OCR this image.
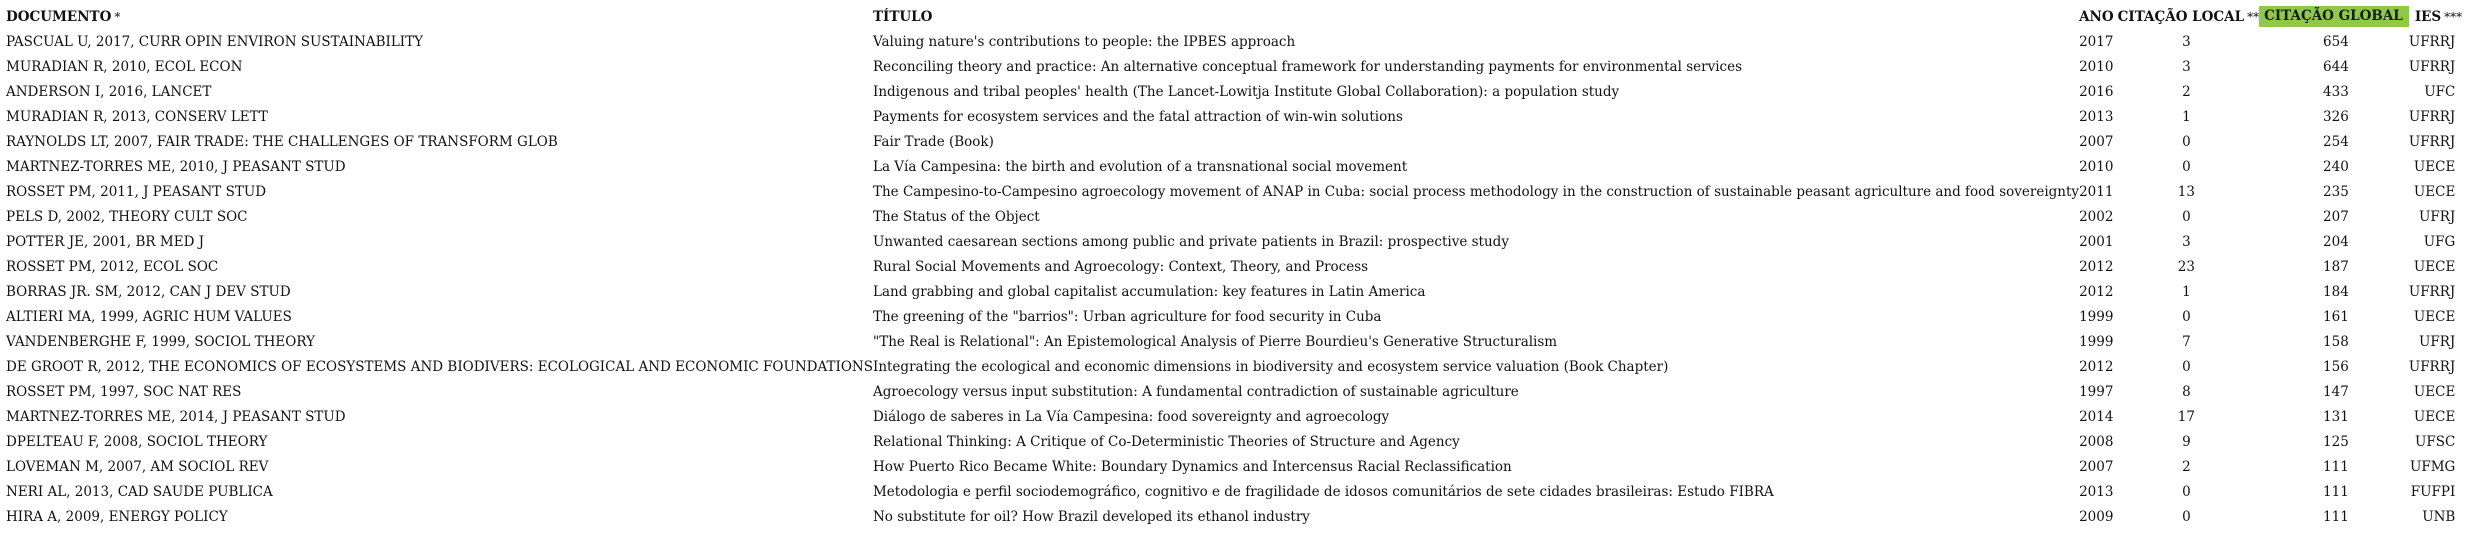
DOCUMENTO *	TÍTULO	ANO	CITAÇÃO LOCAL **	CITAÇÃO GLOBAL	IES ***
PASCUAL U, 2017, CURR OPIN ENVIRON SUSTAINABILITY	Valuing nature's contributions to people: the IPBES approach	2017	3	654	UFRRJ
MURADIAN R, 2010, ECOL ECON	Reconciling theory and practice: An alternative conceptual framework for understanding payments for environmental services	2010	3	644	UFRRJ
ANDERSON I, 2016, LANCET	Indigenous and tribal peoples' health (The Lancet-Lowitja Institute Global Collaboration): a population study	2016	2	433	UFC
MURADIAN R, 2013, CONSERV LETT	Payments for ecosystem services and the fatal attraction of win-win solutions	2013	1	326	UFRRJ
RAYNOLDS LT, 2007, FAIR TRADE: THE CHALLENGES OF TRANSFORM GLOB	Fair Trade (Book)	2007	0	254	UFRRJ
MARTNEZ-TORRES ME, 2010, J PEASANT STUD	La Vía Campesina: the birth and evolution of a transnational social movement	2010	0	240	UECE
ROSSET PM, 2011, J PEASANT STUD	The Campesino-to-Campesino agroecology movement of ANAP in Cuba: social process methodology in the construction of sustainable peasant agriculture and food sovereignty	2011	13	235	UECE
PELS D, 2002, THEORY CULT SOC	The Status of the Object	2002	0	207	UFRJ
POTTER JE, 2001, BR MED J	Unwanted caesarean sections among public and private patients in Brazil: prospective study	2001	3	204	UFG
ROSSET PM, 2012, ECOL SOC	Rural Social Movements and Agroecology: Context, Theory, and Process	2012	23	187	UECE
BORRAS JR. SM, 2012, CAN J DEV STUD	Land grabbing and global capitalist accumulation: key features in Latin America	2012	1	184	UFRRJ
ALTIERI MA, 1999, AGRIC HUM VALUES	The greening of the "barrios": Urban agriculture for food security in Cuba	1999	0	161	UECE
VANDENBERGHE F, 1999, SOCIOL THEORY	"The Real is Relational": An Epistemological Analysis of Pierre Bourdieu's Generative Structuralism	1999	7	158	UFRJ
DE GROOT R, 2012, THE ECONOMICS OF ECOSYSTEMS AND BIODIVERS: ECOLOGICAL AND ECONOMIC FOUNDATIONS	Integrating the ecological and economic dimensions in biodiversity and ecosystem service valuation (Book Chapter)	2012	0	156	UFRRJ
ROSSET PM, 1997, SOC NAT RES	Agroecology versus input substitution: A fundamental contradiction of sustainable agriculture	1997	8	147	UECE
MARTNEZ-TORRES ME, 2014, J PEASANT STUD	Diálogo de saberes in La Vía Campesina: food sovereignty and agroecology	2014	17	131	UECE
DPELTEAU F, 2008, SOCIOL THEORY	Relational Thinking: A Critique of Co-Deterministic Theories of Structure and Agency	2008	9	125	UFSC
LOVEMAN M, 2007, AM SOCIOL REV	How Puerto Rico Became White: Boundary Dynamics and Intercensus Racial Reclassification	2007	2	111	UFMG
NERI AL, 2013, CAD SAUDE PUBLICA	Metodologia e perfil sociodemográfico, cognitivo e de fragilidade de idosos comunitários de sete cidades brasileiras: Estudo FIBRA	2013	0	111	FUFPI
HIRA A, 2009, ENERGY POLICY	No substitute for oil? How Brazil developed its ethanol industry	2009	0	111	UNB
